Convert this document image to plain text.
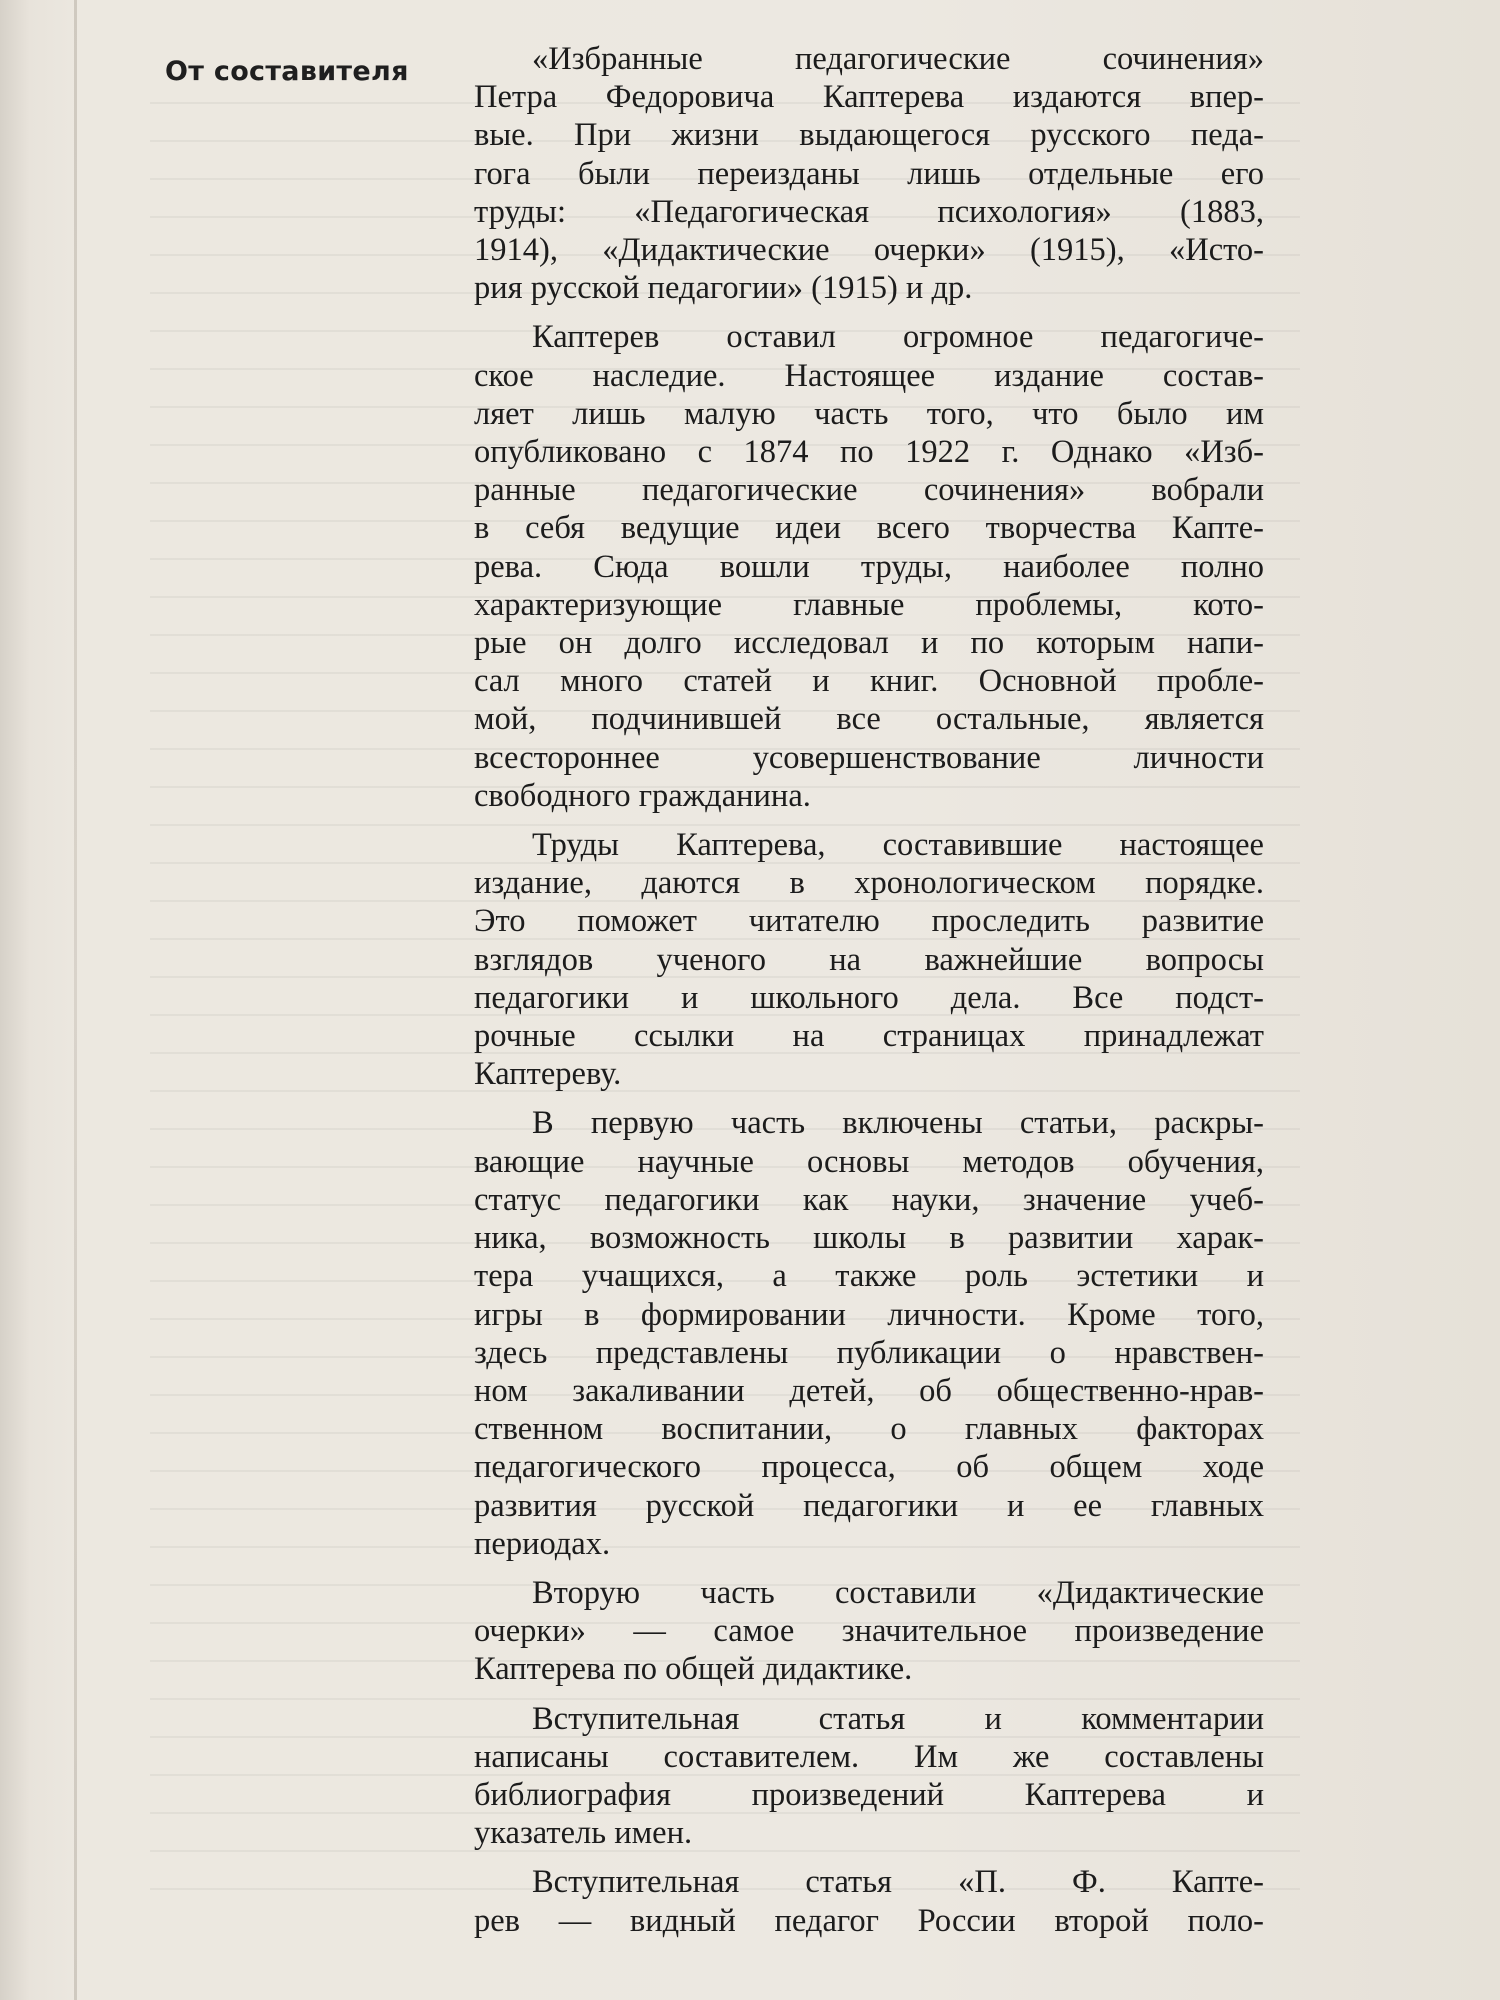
От составителя	«Избранные педагогические сочинения»
Петра Федоровича Каптерева издаются впер-
вые. При жизни выдающегося русского педа-
гога были переизданы лишь отдельные его
труды: «Педагогическая психология» (1883,
1914), «Дидактические очерки» (1915), «Исто-
рия русской педагогии» (1915) и др.
Каптерев оставил огромное педагогиче-
ское наследие. Настоящее издание состав-
ляет лишь малую часть того, что было им
опубликовано с 1874 по 1922 г. Однако «Изб-
ранные педагогические сочинения» вобрали
в себя ведущие идеи всего творчества Капте-
рева. Сюда вошли труды, наиболее полно
характеризующие главные проблемы, кото-
рые он долго исследовал и по которым напи-
сал много статей и книг. Основной пробле-
мой, подчинившей все остальные, является
всестороннее усовершенствование личности
свободного гражданина.
Труды Каптерева, составившие настоящее
издание, даются в хронологическом порядке.
Это поможет читателю проследить развитие
взглядов ученого на важнейшие вопросы
педагогики и школьного дела. Все подст-
рочные ссылки на страницах принадлежат
Каптереву.
В первую часть включены статьи, раскры-
вающие научные основы методов обучения,
статус педагогики как науки, значение учеб-
ника, возможность школы в развитии харак-
тера учащихся, а также роль эстетики и
игры в формировании личности. Кроме того,
здесь представлены публикации о нравствен-
ном закаливании детей, об общественно-нрав-
ственном воспитании, о главных факторах
педагогического процесса, об общем ходе
развития русской педагогики и ее главных
периодах.
Вторую часть составили «Дидактические
очерки» — самое значительное произведение
Каптерева по общей дидактике.
Вступительная статья и комментарии
написаны составителем. Им же составлены
библиография произведений Каптерева и
указатель имен.
Вступительная статья «П. Ф. Капте-
рев — видный педагог России второй поло-
